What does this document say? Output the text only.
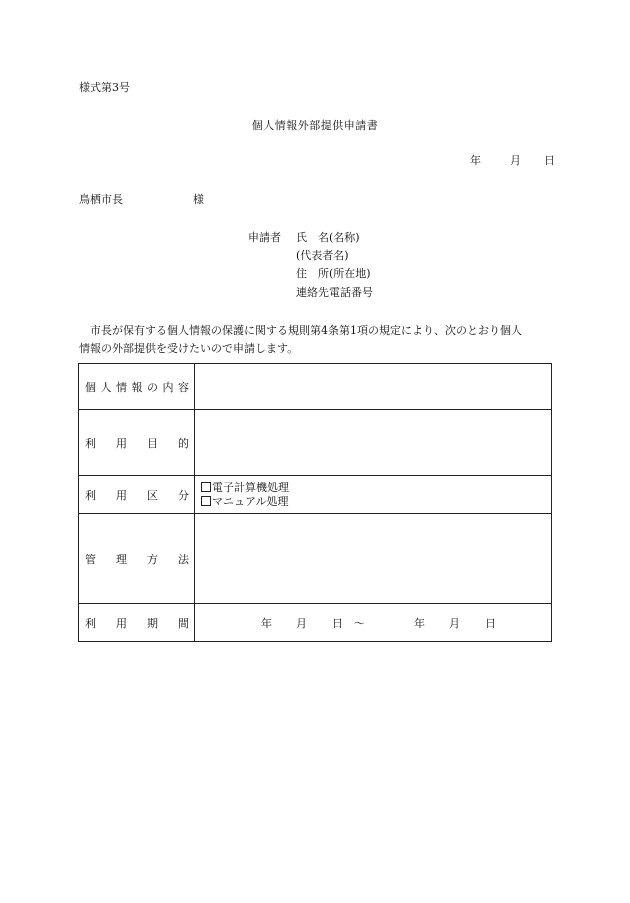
様式第3号
個人情報外部提供申請書
年	月 日
鳥栖市長	様
申請者 氏　名(名称)
(代表者名)
住　所(所在地)
連絡先電話番号
市長が保有する個人情報の保護に関する規則第4条第1項の規定により、次のとおり個人
情報の外部提供を受けたいので申請します。
個人情報の内容	
利用目的	
利用区分	電子計算機処理
マニュアル処理

管理方法	
利用期間	年 月 日 ～ 年 月 日
